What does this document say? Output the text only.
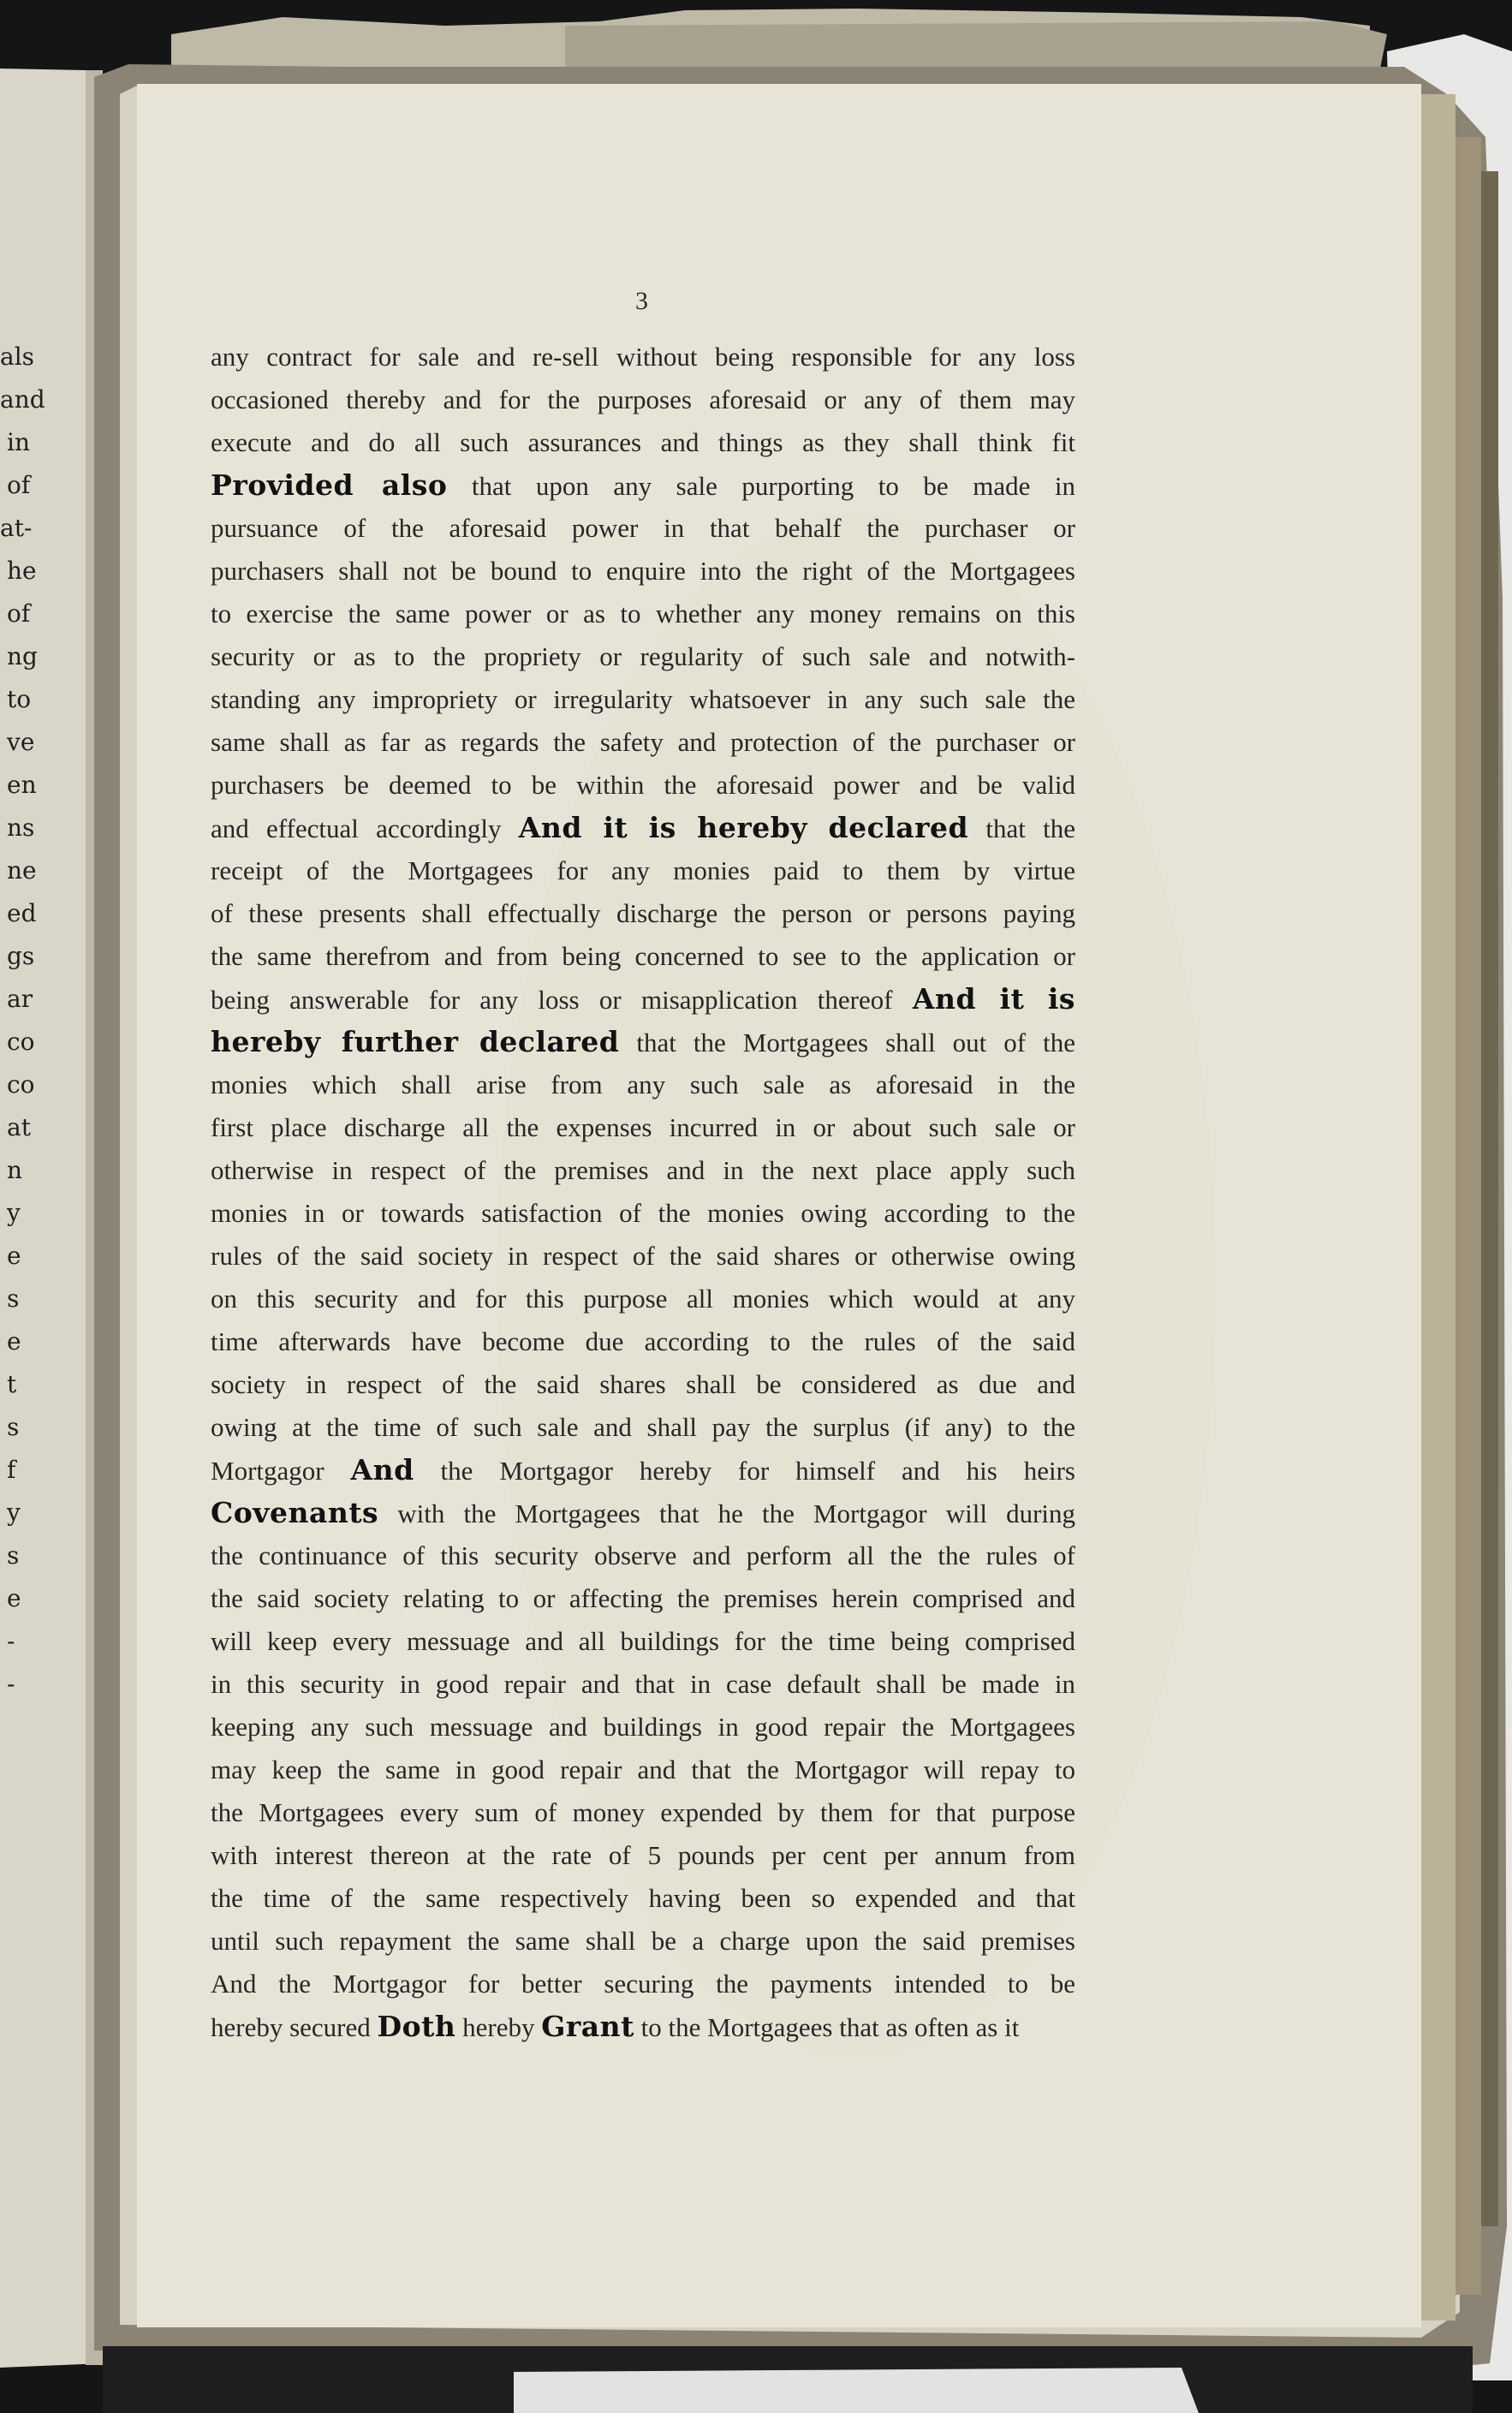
als
and
in
of
at-
he
of
ng
to
ve
en
ns
ne
ed
gs
ar
co
co
at
n
y
e
s
e
t
s
f
y
s
e
-
-
3
any contract for sale and re-sell without being responsible for any loss
occasioned thereby and for the purposes aforesaid or any of them may
execute and do all such assurances and things as they shall think fit
Provided also that upon any sale purporting to be made in
pursuance of the aforesaid power in that behalf the purchaser or
purchasers shall not be bound to enquire into the right of the Mortgagees
to exercise the same power or as to whether any money remains on this
security or as to the propriety or regularity of such sale and notwith-
standing any impropriety or irregularity whatsoever in any such sale the
same shall as far as regards the safety and protection of the purchaser or
purchasers be deemed to be within the aforesaid power and be valid
and effectual accordingly And it is hereby declared that the
receipt of the Mortgagees for any monies paid to them by virtue
of these presents shall effectually discharge the person or persons paying
the same therefrom and from being concerned to see to the application or
being answerable for any loss or misapplication thereof And it is
hereby further declared that the Mortgagees shall out of the
monies which shall arise from any such sale as aforesaid in the
first place discharge all the expenses incurred in or about such sale or
otherwise in respect of the premises and in the next place apply such
monies in or towards satisfaction of the monies owing according to the
rules of the said society in respect of the said shares or otherwise owing
on this security and for this purpose all monies which would at any
time afterwards have become due according to the rules of the said
society in respect of the said shares shall be considered as due and
owing at the time of such sale and shall pay the surplus (if any) to the
Mortgagor And the Mortgagor hereby for himself and his heirs
Covenants with the Mortgagees that he the Mortgagor will during
the continuance of this security observe and perform all the the rules of
the said society relating to or affecting the premises herein comprised and
will keep every messuage and all buildings for the time being comprised
in this security in good repair and that in case default shall be made in
keeping any such messuage and buildings in good repair the Mortgagees
may keep the same in good repair and that the Mortgagor will repay to
the Mortgagees every sum of money expended by them for that purpose
with interest thereon at the rate of 5 pounds per cent per annum from
the time of the same respectively having been so expended and that
until such repayment the same shall be a charge upon the said premises
And the Mortgagor for better securing the payments intended to be
hereby secured Doth hereby Grant to the Mortgagees that as often as it
